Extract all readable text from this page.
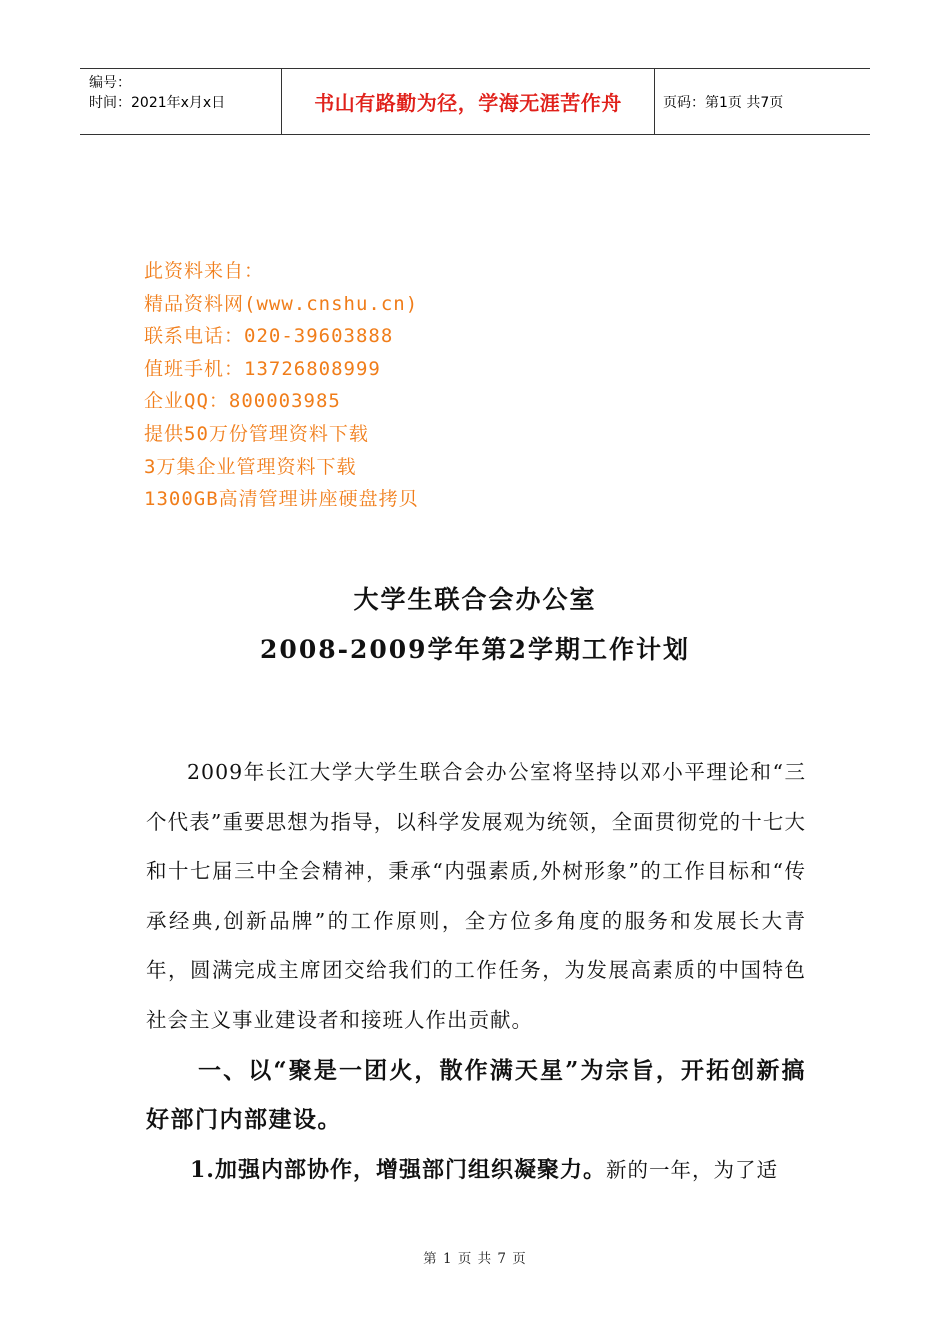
编号：
时间：2021年x月x日	书山有路勤为径，学海无涯苦作舟	页码：第1页 共7页
此资料来自：
精品资料网(www.cnshu.cn)
联系电话：020-39603888
值班手机：13726808999
企业QQ：800003985
提供50万份管理资料下载
3万集企业管理资料下载
1300GB高清管理讲座硬盘拷贝
大学生联合会办公室
2008-2009学年第2学期工作计划
2009年长江大学大学生联合会办公室将坚持以邓小平理论和“三个代表”重要思想为指导，以科学发展观为统领，全面贯彻党的十七大和十七届三中全会精神，秉承“内强素质,外树形象”的工作目标和“传承经典,创新品牌”的工作原则，全方位多角度的服务和发展长大青年，圆满完成主席团交给我们的工作任务，为发展高素质的中国特色社会主义事业建设者和接班人作出贡献。
一、以“聚是一团火，散作满天星”为宗旨，开拓创新搞好部门内部建设。
1.加强内部协作，增强部门组织凝聚力。新的一年，为了适
第 1 页 共 7 页
